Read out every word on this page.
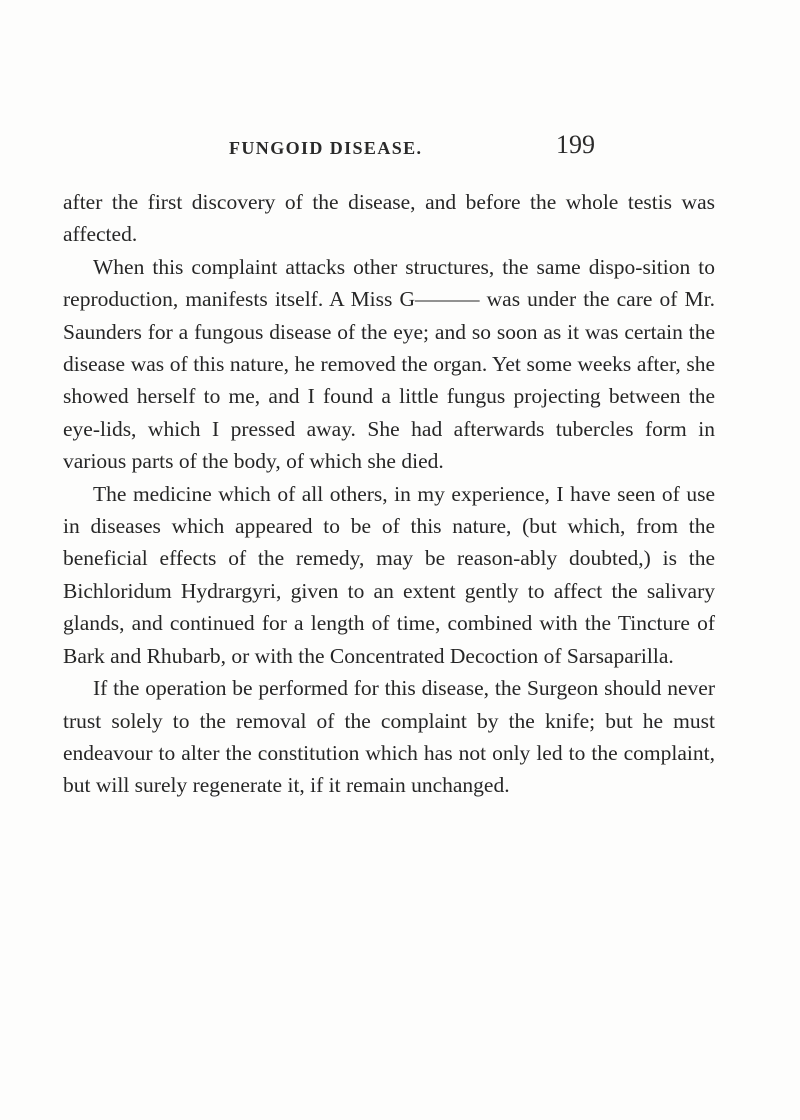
FUNGOID DISEASE.	199

after the first discovery of the disease, and before the whole testis was affected.

When this complaint attacks other structures, the same dispo-sition to reproduction, manifests itself. A Miss G——— was under the care of Mr. Saunders for a fungous disease of the eye; and so soon as it was certain the disease was of this nature, he removed the organ. Yet some weeks after, she showed herself to me, and I found a little fungus projecting between the eye-lids, which I pressed away. She had afterwards tubercles form in various parts of the body, of which she died.

The medicine which of all others, in my experience, I have seen of use in diseases which appeared to be of this nature, (but which, from the beneficial effects of the remedy, may be reason-ably doubted,) is the Bichloridum Hydrargyri, given to an extent gently to affect the salivary glands, and continued for a length of time, combined with the Tincture of Bark and Rhubarb, or with the Concentrated Decoction of Sarsaparilla.

If the operation be performed for this disease, the Surgeon should never trust solely to the removal of the complaint by the knife; but he must endeavour to alter the constitution which has not only led to the complaint, but will surely regenerate it, if it remain unchanged.
